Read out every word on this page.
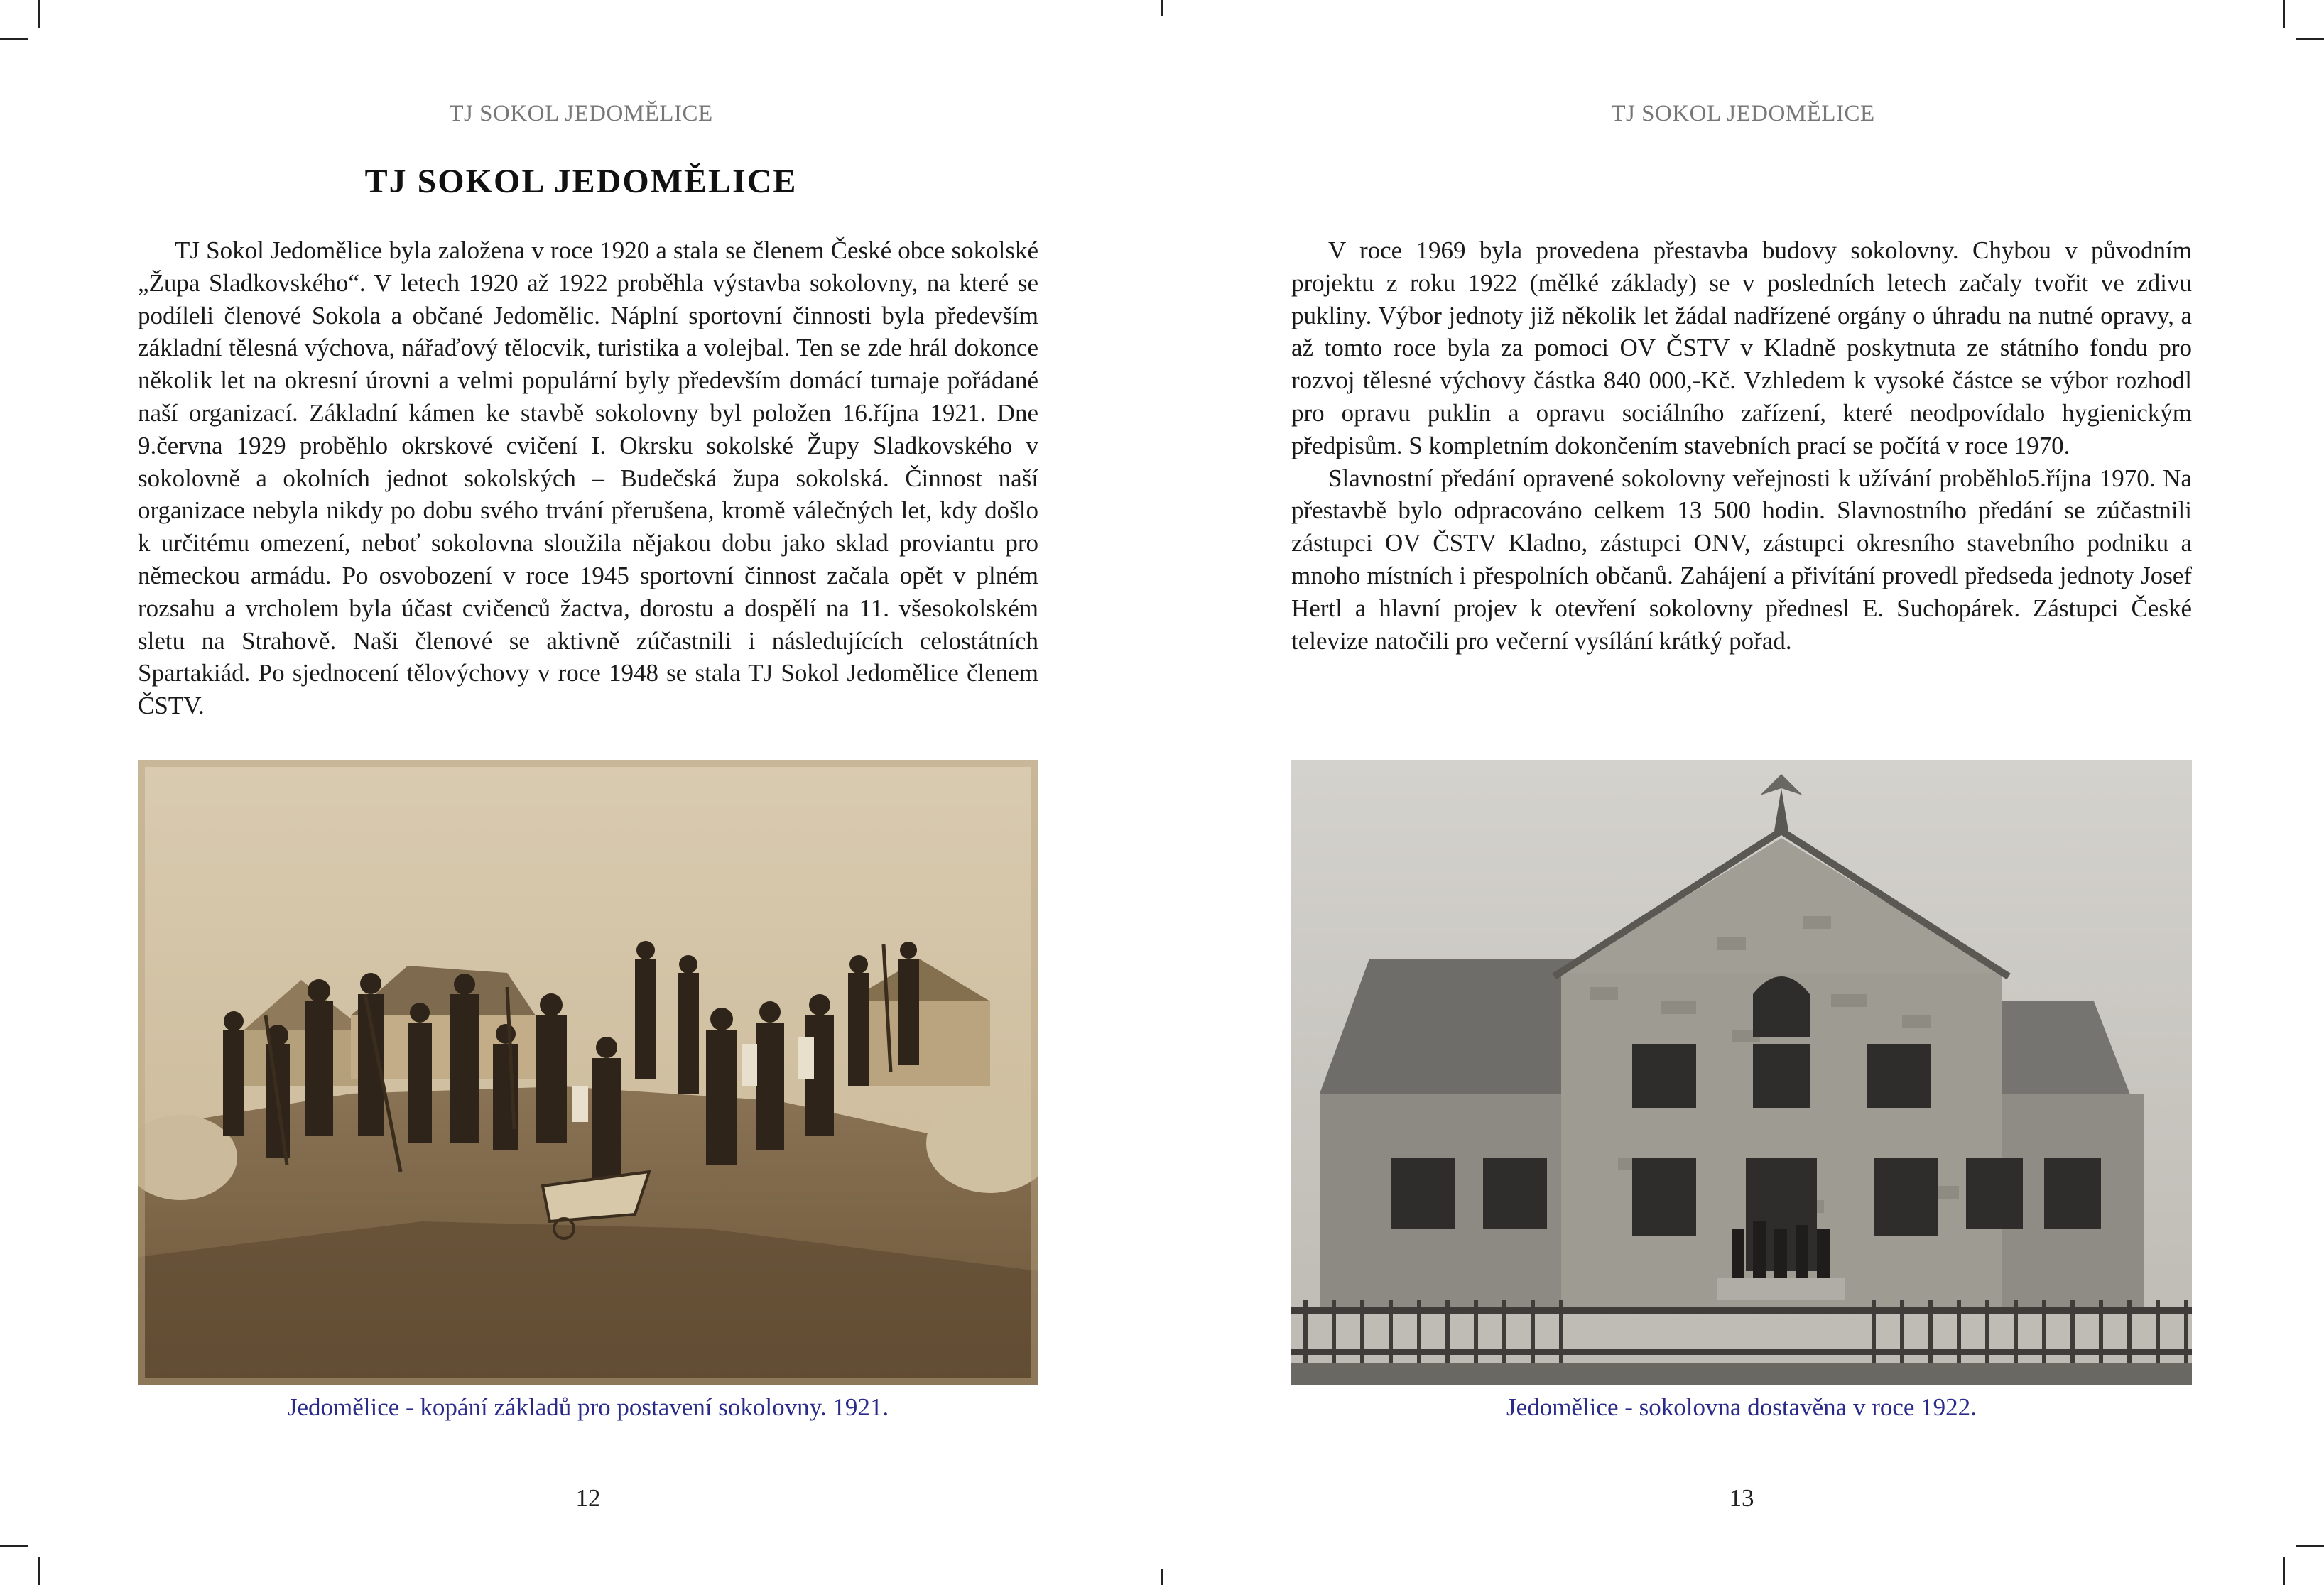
TJ SOKOL JEDOMĚLICE
TJ SOKOL JEDOMĚLICE

TJ Sokol Jedomělice byla založena v roce 1920 a stala se členem České obce sokolské „Župa Sladkovského“. V letech 1920 až 1922 proběhla výstavba sokolovny, na které se podíleli členové Sokola a občané Jedomělic. Náplní sportovní činnosti byla především základní tělesná výchova, nářaďový tělocvik, turistika a volejbal. Ten se zde hrál dokonce několik let na okresní úrovni a velmi populární byly především domácí turnaje pořádané naší organizací. Základní kámen ke stavbě sokolovny byl položen 16.října 1921. Dne 9.června 1929 proběhlo okrskové cvičení I. Okrsku sokolské Župy Sladkovského v sokolovně a okolních jednot sokolských – Budečská župa sokolská. Činnost naší organizace nebyla nikdy po dobu svého trvání přerušena, kromě válečných let, kdy došlo k určitému omezení, neboť sokolovna sloužila nějakou dobu jako sklad proviantu pro německou armádu. Po osvobození v roce 1945 sportovní činnost začala opět v plném rozsahu a vrcholem byla účast cvičenců žactva, dorostu a dospělí na 11. všesokolském sletu na Strahově. Naši členové se aktivně zúčastnili i následujících celostátních Spartakiád. Po sjednocení tělovýchovy v roce 1948 se stala TJ Sokol Jedomělice členem ČSTV.

Jedomělice - kopání základů pro postavení sokolovny. 1921.
12
TJ SOKOL JEDOMĚLICE

V roce 1969 byla provedena přestavba budovy sokolovny. Chybou v původním projektu z roku 1922 (mělké základy) se v posledních letech začaly tvořit ve zdivu pukliny. Výbor jednoty již několik let žádal nadřízené orgány o úhradu na nutné opravy, a až tomto roce byla za pomoci OV ČSTV v Kladně poskytnuta ze státního fondu pro rozvoj tělesné výchovy částka 840 000,-Kč. Vzhledem k vysoké částce se výbor rozhodl pro opravu puklin a opravu sociálního zařízení, které neodpovídalo hygienickým předpisům. S kompletním dokončením stavebních prací se počítá v roce 1970.

Slavnostní předání opravené sokolovny veřejnosti k užívání proběhlo5.října 1970. Na přestavbě bylo odpracováno celkem 13 500 hodin. Slavnostního předání se zúčastnili zástupci OV ČSTV Kladno, zástupci ONV, zástupci okresního stavebního podniku a mnoho místních i přespolních občanů. Zahájení a přivítání provedl předseda jednoty Josef Hertl a hlavní projev k otevření sokolovny přednesl E. Suchopárek. Zástupci České televize natočili pro večerní vysílání krátký pořad.

Jedomělice - sokolovna dostavěna v roce 1922.
13
